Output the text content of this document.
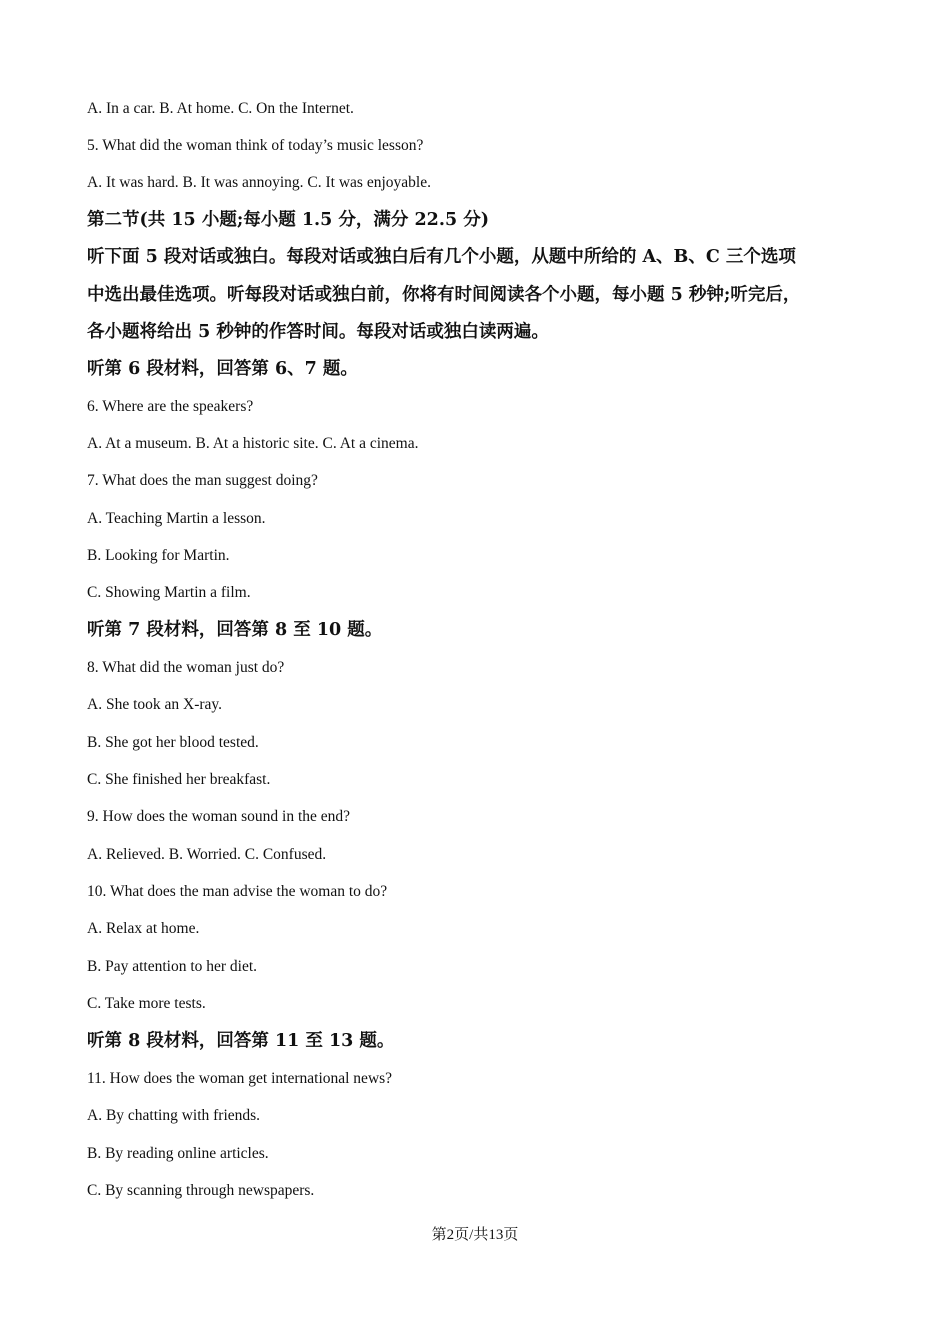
A. In a car. B. At home. C. On the Internet.
5. What did the woman think of today’s music lesson?
A. It was hard. B. It was annoying. C. It was enjoyable.
第二节(共 15 小题;每小题 1.5 分，满分 22.5 分)
听下面 5 段对话或独白。每段对话或独白后有几个小题，从题中所给的 A、B、C 三个选项
中选出最佳选项。听每段对话或独白前，你将有时间阅读各个小题，每小题 5 秒钟;听完后，
各小题将给出 5 秒钟的作答时间。每段对话或独白读两遍。
听第 6 段材料，回答第 6、7 题。
6. Where are the speakers?
A. At a museum. B. At a historic site. C. At a cinema.
7. What does the man suggest doing?
A. Teaching Martin a lesson.
B. Looking for Martin.
C. Showing Martin a film.
听第 7 段材料，回答第 8 至 10 题。
8. What did the woman just do?
A. She took an X-ray.
B. She got her blood tested.
C. She finished her breakfast.
9. How does the woman sound in the end?
A. Relieved. B. Worried. C. Confused.
10. What does the man advise the woman to do?
A. Relax at home.
B. Pay attention to her diet.
C. Take more tests.
听第 8 段材料，回答第 11 至 13 题。
11. How does the woman get international news?
A. By chatting with friends.
B. By reading online articles.
C. By scanning through newspapers.
第2页/共13页
